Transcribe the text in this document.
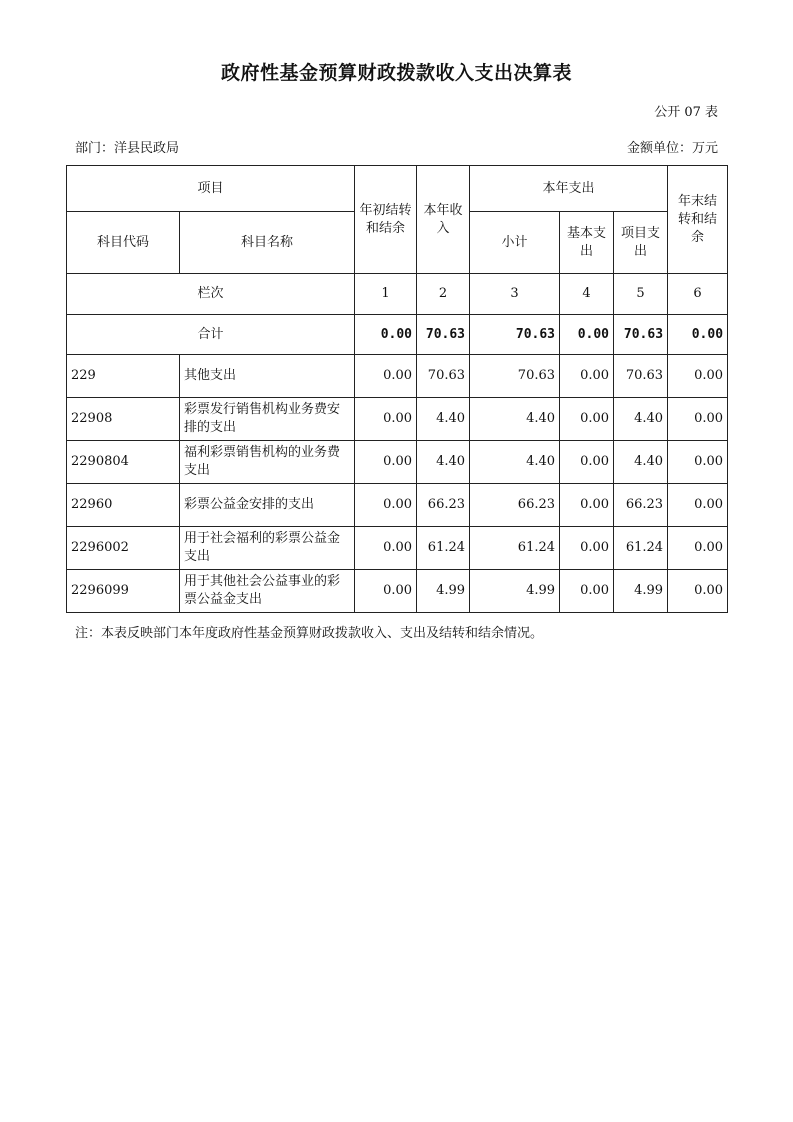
政府性基金预算财政拨款收入支出决算表
公开 07 表
部门：洋县民政局	金额单位：万元
项目		年初结转和结余	本年收入	本年支出			年末结转和结余
科目代码	科目名称			小计	基本支出	项目支出	
栏次		1	2	3	4	5	6
合计		0.00	70.63	70.63	0.00	70.63	0.00
229	其他支出	0.00	70.63	70.63	0.00	70.63	0.00
22908	彩票发行销售机构业务费安排的支出	0.00	4.40	4.40	0.00	4.40	0.00
2290804	福利彩票销售机构的业务费支出	0.00	4.40	4.40	0.00	4.40	0.00
22960	彩票公益金安排的支出	0.00	66.23	66.23	0.00	66.23	0.00
2296002	用于社会福利的彩票公益金支出	0.00	61.24	61.24	0.00	61.24	0.00
2296099	用于其他社会公益事业的彩票公益金支出	0.00	4.99	4.99	0.00	4.99	0.00
注：本表反映部门本年度政府性基金预算财政拨款收入、支出及结转和结余情况。
